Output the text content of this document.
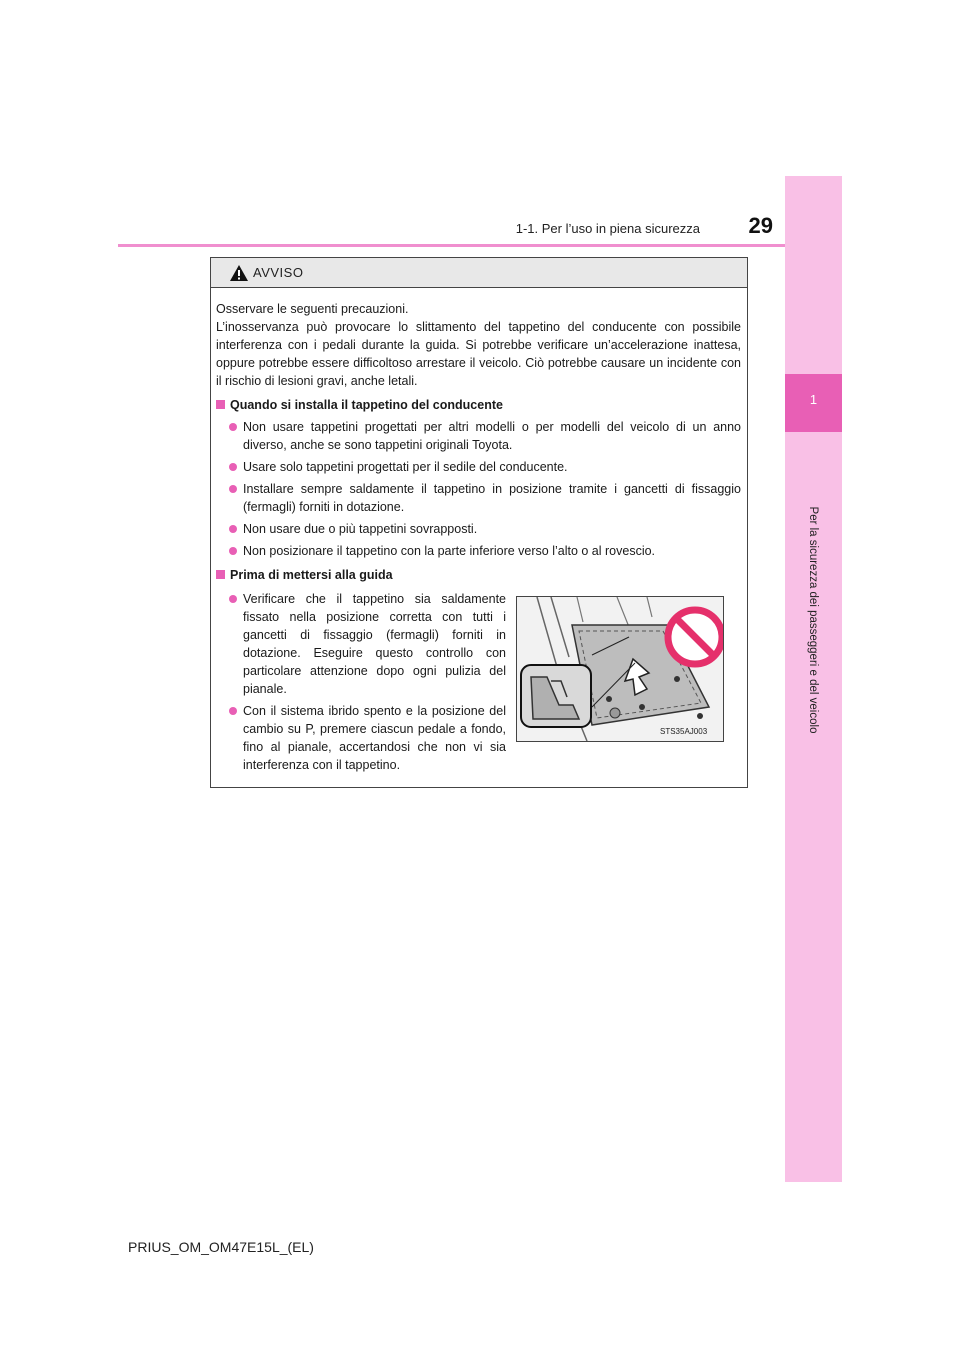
1-1. Per l’uso in piena sicurezza	29
1
Per la sicurezza dei passeggeri e del veicolo
AVVISO

Osservare le seguenti precauzioni.

L’inosservanza può provocare lo slittamento del tappetino del conducente con possibile interferenza con i pedali durante la guida. Si potrebbe verificare un’accelerazione inattesa, oppure potrebbe essere difficoltoso arrestare il veicolo. Ciò potrebbe causare un incidente con il rischio di lesioni gravi, anche letali.

Quando si installa il tappetino del conducente
Non usare tappetini progettati per altri modelli o per modelli del veicolo di un anno diverso, anche se sono tappetini originali Toyota.
Usare solo tappetini progettati per il sedile del conducente.
Installare sempre saldamente il tappetino in posizione tramite i gancetti di fissaggio (fermagli) forniti in dotazione.
Non usare due o più tappetini sovrapposti.
Non posizionare il tappetino con la parte inferiore verso l’alto o al rovescio.
Prima di mettersi alla guida
Verificare che il tappetino sia saldamente fissato nella posizione corretta con tutti i gancetti di fissaggio (fermagli) forniti in dotazione. Eseguire questo controllo con particolare attenzione dopo ogni pulizia del pianale.
Con il sistema ibrido spento e la posizione del cambio su P, premere ciascun pedale a fondo, fino al pianale, accertandosi che non vi sia interferenza con il tappetino.
STS35AJ003
PRIUS_OM_OM47E15L_(EL)
